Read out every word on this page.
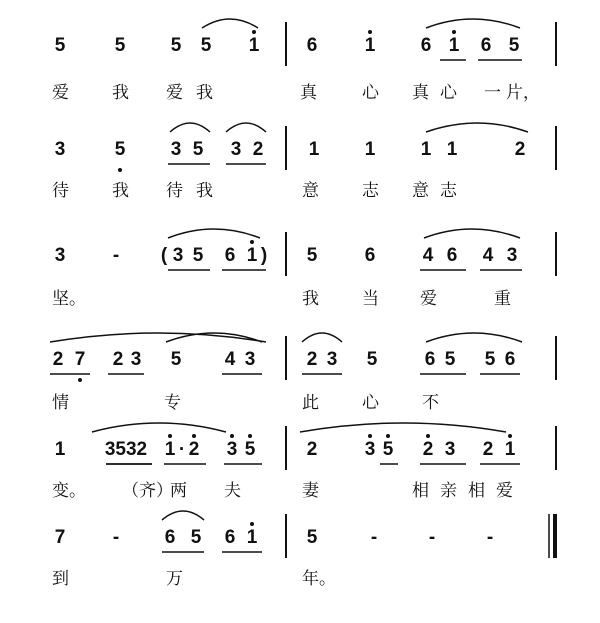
5	5 5 5 1 6 1 6 1 6 5
爱	我 爱 我	真	心 真 心 一 片，
3	5 3 5 3 2 1 1 1 1	2
待	我 待 我	意	志 意 志
3	- ( 3 5 6 1 ) 5 6 4 6 4 3
坚。	我	当 爱	重
2 7 2 3 5 4 3	2 3 5 6 5 5 6
情	专	此	心	不
1 3532 1 · 2 3 5	2 3 5 2 3 2 1
变。 （齐）
两 夫	妻	相 亲 相 爱
7	- 6 5 6 1	5	-	-	-
到	万	年。
